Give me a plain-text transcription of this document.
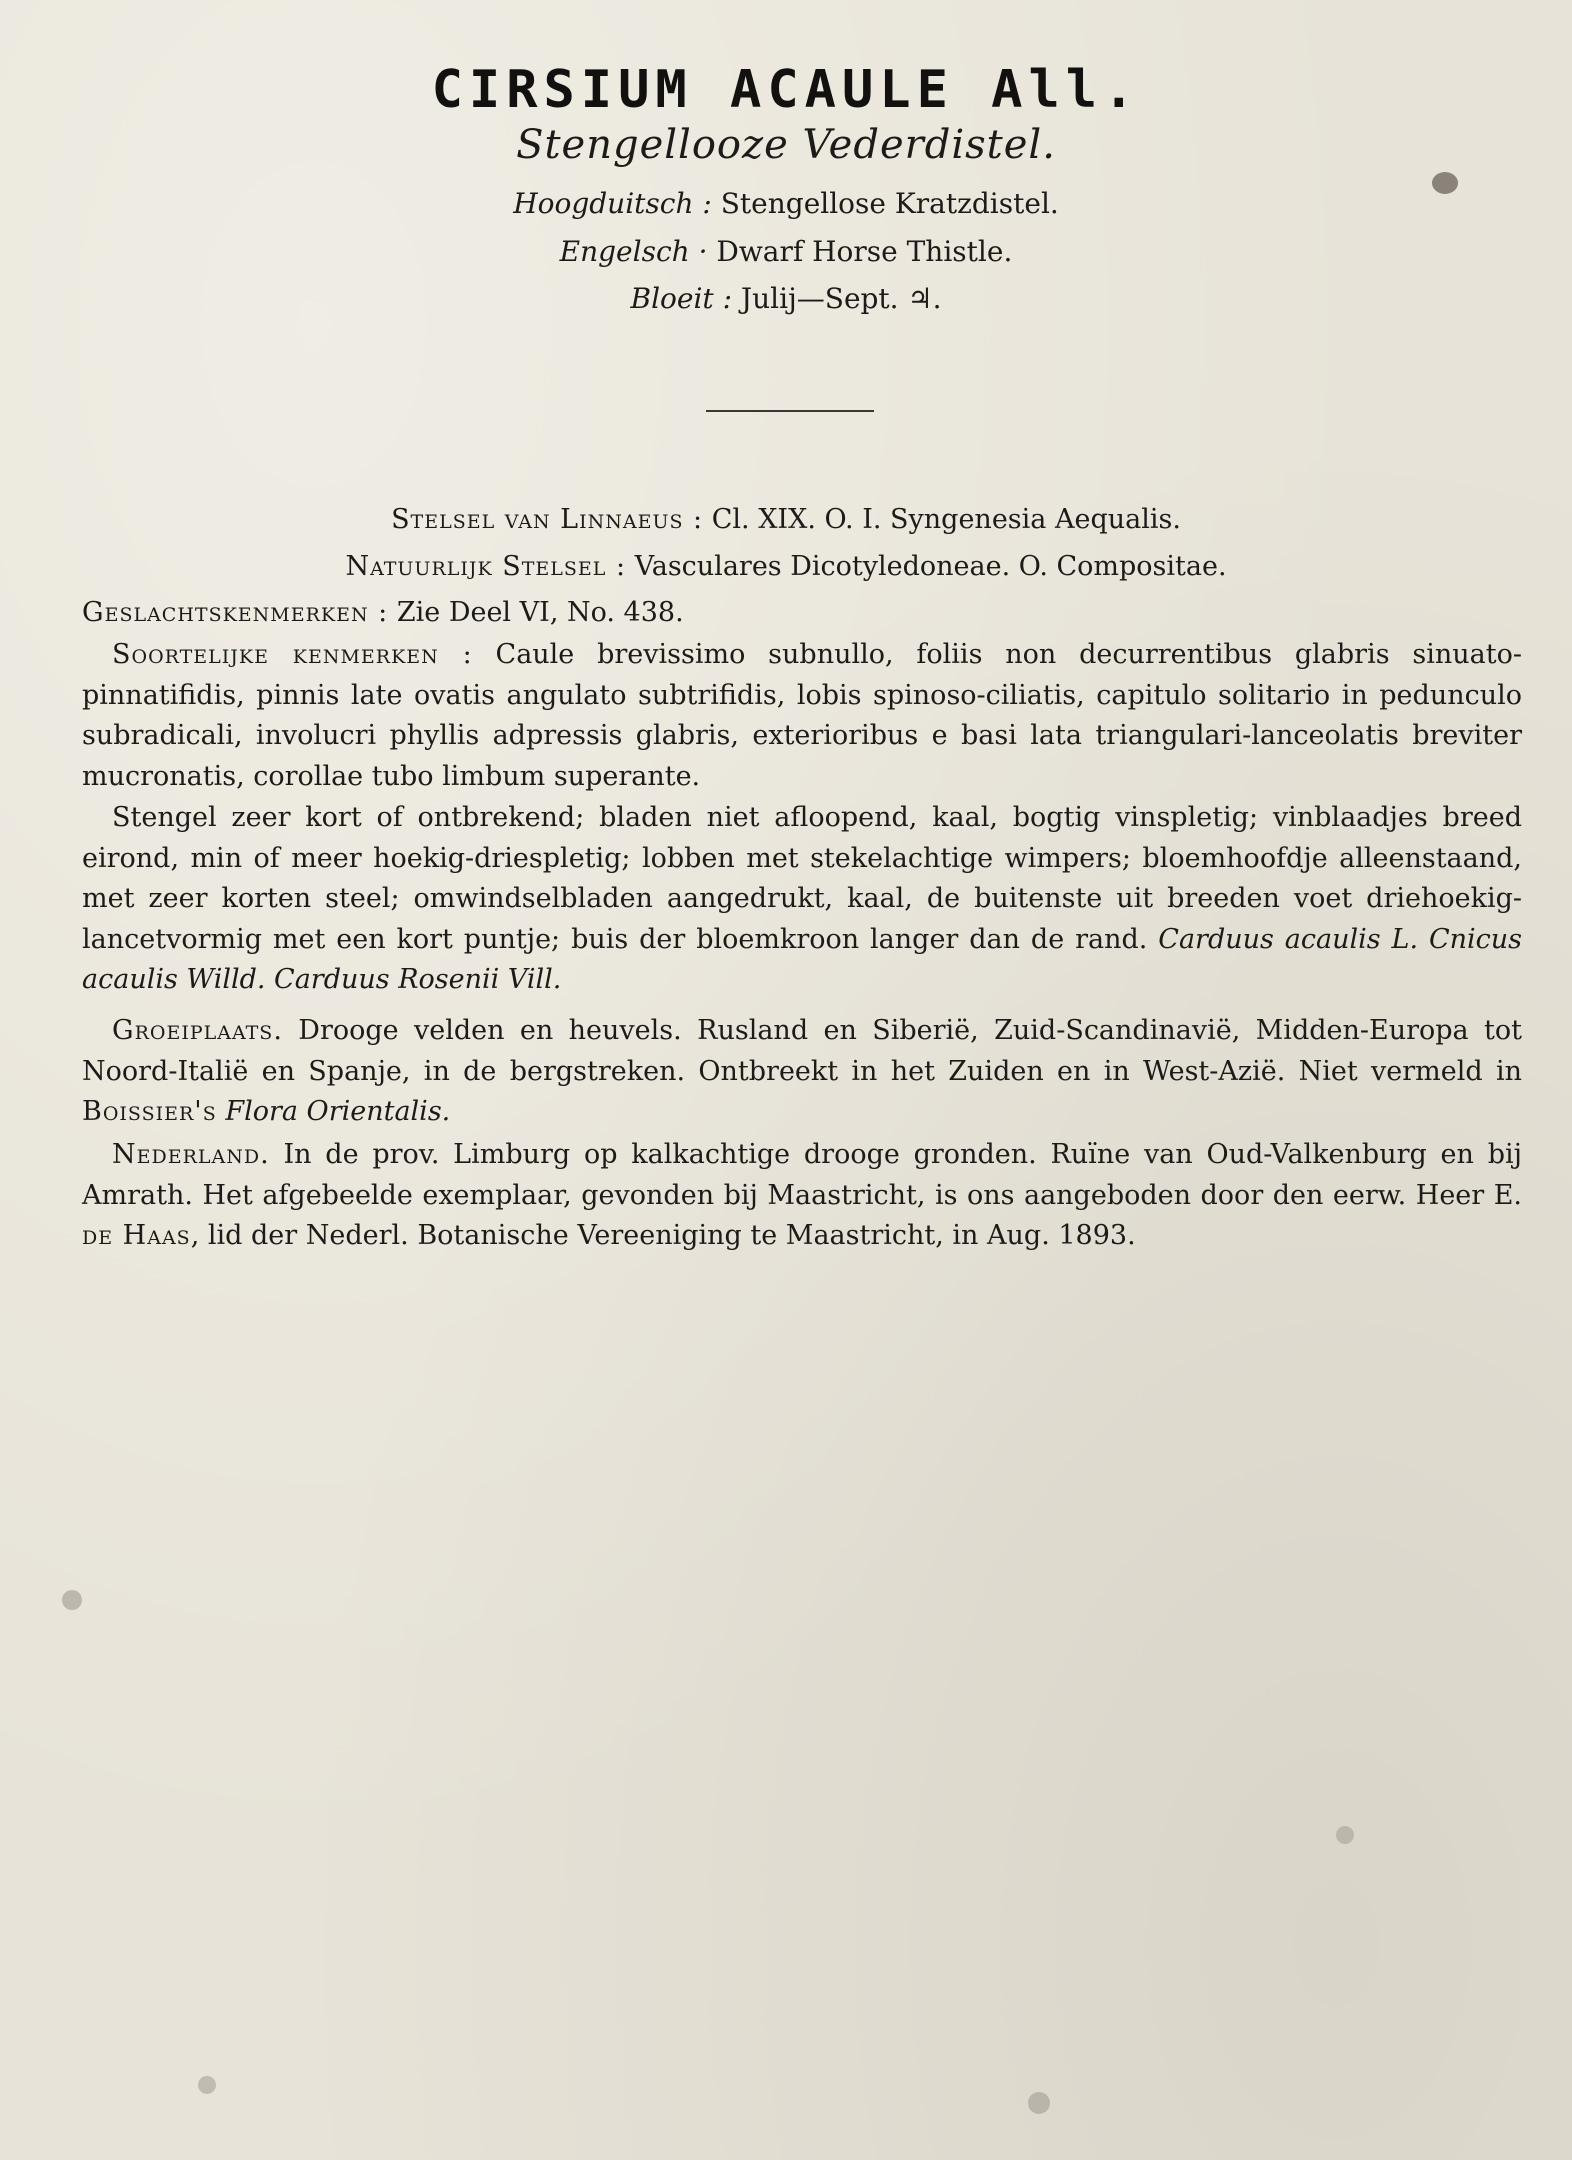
CIRSIUM ACAULE All.
Stengellooze Vederdistel.
Hoogduitsch : Stengellose Kratzdistel.
Engelsch · Dwarf Horse Thistle.
Bloeit : Julij—Sept. ♃.
Stelsel van Linnaeus : Cl. XIX. O. I. Syngenesia Aequalis.
Natuurlijk Stelsel : Vasculares Dicotyledoneae. O. Compositae.
Geslachtskenmerken : Zie Deel VI, No. 438.
Soortelijke kenmerken : Caule brevissimo subnullo, foliis non decurrentibus glabris sinuato-pinnatifidis, pinnis late ovatis angulato subtrifidis, lobis spinoso-ciliatis, capitulo solitario in pedunculo subradicali, involucri phyllis adpressis glabris, exterioribus e basi lata triangulari-lanceolatis breviter mucronatis, corollae tubo limbum superante.
Stengel zeer kort of ontbrekend; bladen niet afloopend, kaal, bogtig vinspletig; vinblaadjes breed eirond, min of meer hoekig-driespletig; lobben met stekelachtige wimpers; bloemhoofdje alleenstaand, met zeer korten steel; omwindselbladen aangedrukt, kaal, de buitenste uit breeden voet driehoekig-lancetvormig met een kort puntje; buis der bloemkroon langer dan de rand. Carduus acaulis L. Cnicus acaulis Willd. Carduus Rosenii Vill.
Groeiplaats. Drooge velden en heuvels. Rusland en Siberië, Zuid-Scandinavië, Midden-Europa tot Noord-Italië en Spanje, in de bergstreken. Ontbreekt in het Zuiden en in West-Azië. Niet vermeld in Boissier's Flora Orientalis.
Nederland. In de prov. Limburg op kalkachtige drooge gronden. Ruïne van Oud-Valkenburg en bij Amrath. Het afgebeelde exemplaar, gevonden bij Maastricht, is ons aangeboden door den eerw. Heer E. de Haas, lid der Nederl. Botanische Vereeniging te Maastricht, in Aug. 1893.
